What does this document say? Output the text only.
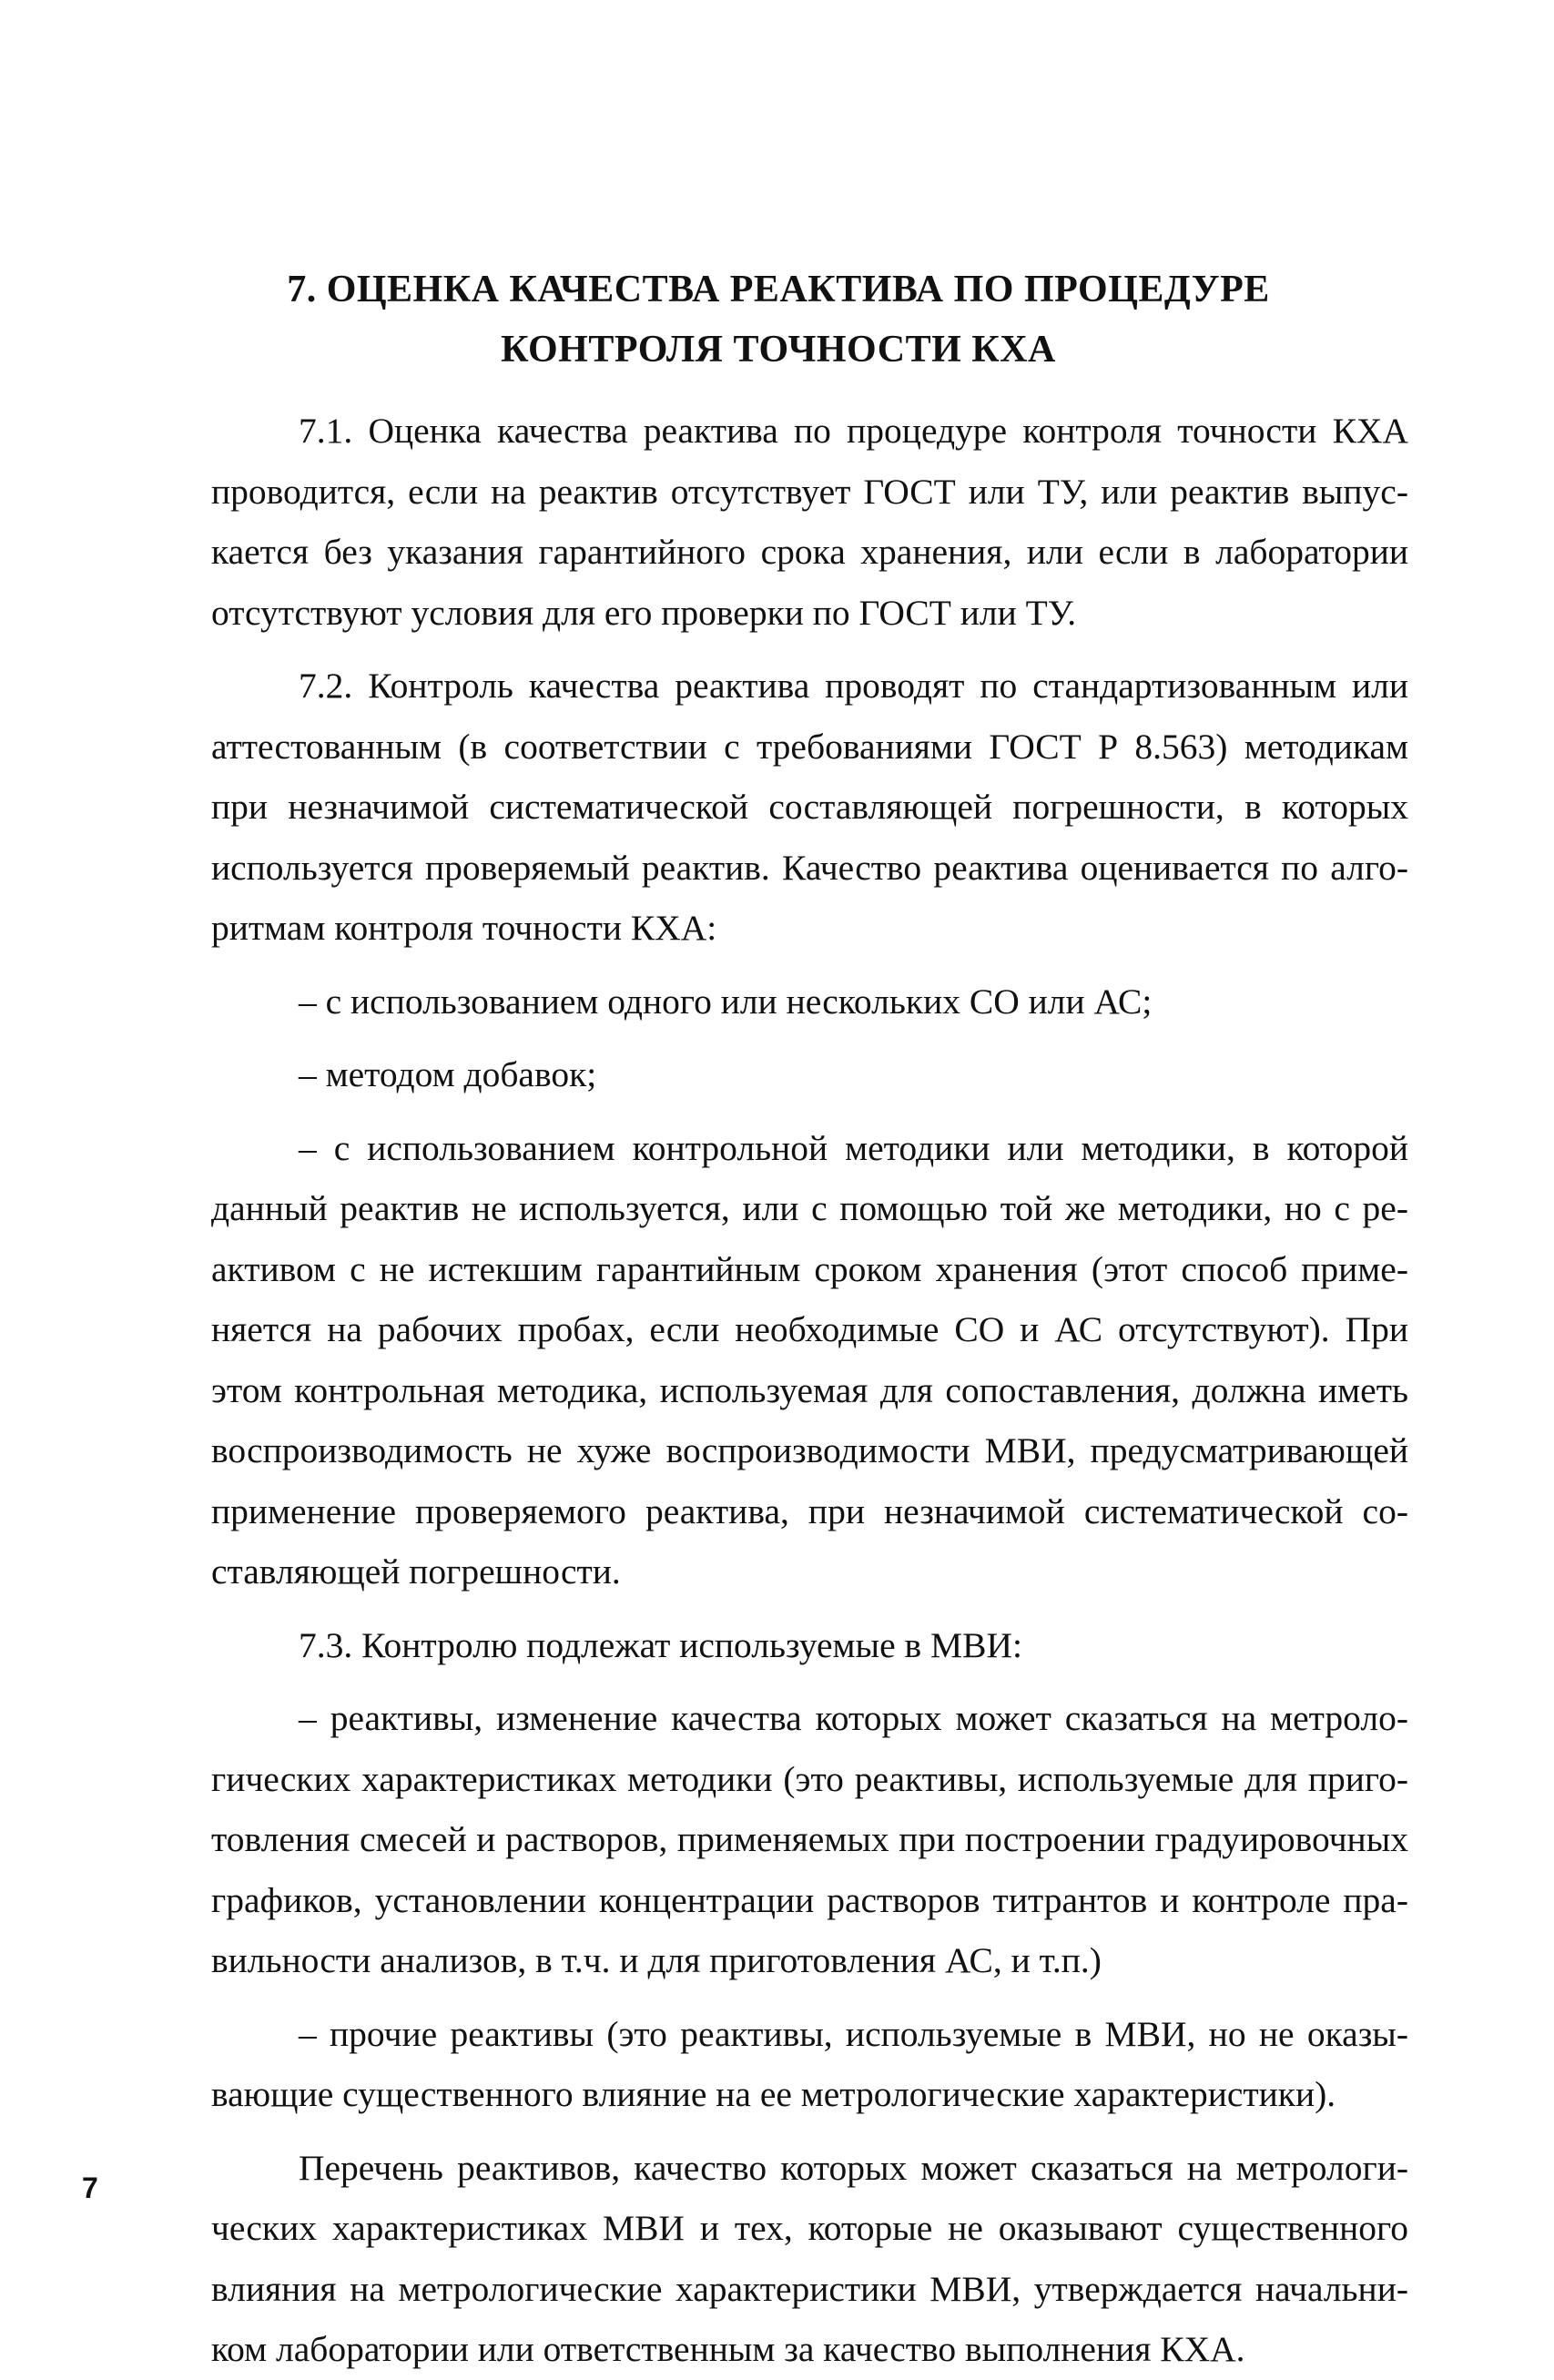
7. ОЦЕНКА КАЧЕСТВА РЕАКТИВА ПО ПРОЦЕДУРЕ
КОНТРОЛЯ ТОЧНОСТИ КХА

7.1. Оценка качества реактива по процедуре контроля точности КХА проводится, если на реактив отсутствует ГОСТ или ТУ, или реактив выпускается без указания гарантийного срока хранения, или если в лаборатории отсутствуют условия для его проверки по ГОСТ или ТУ.

7.2. Контроль качества реактива проводят по стандартизованным или аттестованным (в соответствии с требованиями ГОСТ Р 8.563) методикам при незначимой систематической составляющей погрешности, в которых используется проверяемый реактив. Качество реактива оценивается по алгоритмам контроля точности КХА:

– с использованием одного или нескольких СО или АС;

– методом добавок;

– с использованием контрольной методики или методики, в которой данный реактив не используется, или с помощью той же методики, но с реактивом с не истекшим гарантийным сроком хранения (этот способ применяется на рабочих пробах, если необходимые СО и АС отсутствуют). При этом контрольная методика, используемая для сопоставления, должна иметь воспроизводимость не хуже воспроизводимости МВИ, предусматривающей применение проверяемого реактива, при незначимой систематической составляющей погрешности.

7.3. Контролю подлежат используемые в МВИ:

– реактивы, изменение качества которых может сказаться на метрологических характеристиках методики (это реактивы, используемые для приготовления смесей и растворов, применяемых при построении градуировочных графиков, установлении концентрации растворов титрантов и контроле правильности анализов, в т.ч. и для приготовления АС, и т.п.)

– прочие реактивы (это реактивы, используемые в МВИ, но не оказывающие существенного влияние на ее метрологические характеристики).

Перечень реактивов, качество которых может сказаться на метрологических характеристиках МВИ и тех, которые не оказывают существенного влияния на метрологические характеристики МВИ, утверждается начальником лаборатории или ответственным за качество выполнения КХА.

7
